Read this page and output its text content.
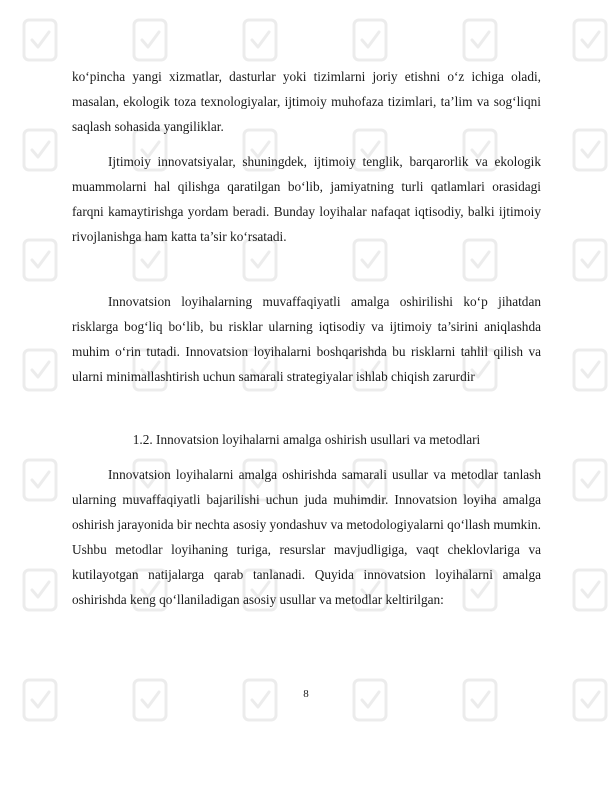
ko‘pincha yangi xizmatlar, dasturlar yoki tizimlarni joriy etishni o‘z ichiga oladi, masalan, ekologik toza texnologiyalar, ijtimoiy muhofaza tizimlari, ta’lim va sog‘liqni saqlash sohasida yangiliklar.

Ijtimoiy innovatsiyalar, shuningdek, ijtimoiy tenglik, barqarorlik va ekologik muammolarni hal qilishga qaratilgan bo‘lib, jamiyatning turli qatlamlari orasidagi farqni kamaytirishga yordam beradi. Bunday loyihalar nafaqat iqtisodiy, balki ijtimoiy rivojlanishga ham katta ta’sir ko‘rsatadi.

Innovatsion loyihalarning muvaffaqiyatli amalga oshirilishi ko‘p jihatdan risklarga bog‘liq bo‘lib, bu risklar ularning iqtisodiy va ijtimoiy ta’sirini aniqlashda muhim o‘rin tutadi. Innovatsion loyihalarni boshqarishda bu risklarni tahlil qilish va ularni minimallashtirish uchun samarali strategiyalar ishlab chiqish zarurdir

1.2. Innovatsion loyihalarni amalga oshirish usullari va metodlari

Innovatsion loyihalarni amalga oshirishda samarali usullar va metodlar tanlash ularning muvaffaqiyatli bajarilishi uchun juda muhimdir. Innovatsion loyiha amalga oshirish jarayonida bir nechta asosiy yondashuv va metodologiyalarni qo‘llash mumkin. Ushbu metodlar loyihaning turiga, resurslar mavjudligiga, vaqt cheklovlariga va kutilayotgan natijalarga qarab tanlanadi. Quyida innovatsion loyihalarni amalga oshirishda keng qo‘llaniladigan asosiy usullar va metodlar keltirilgan:

8
